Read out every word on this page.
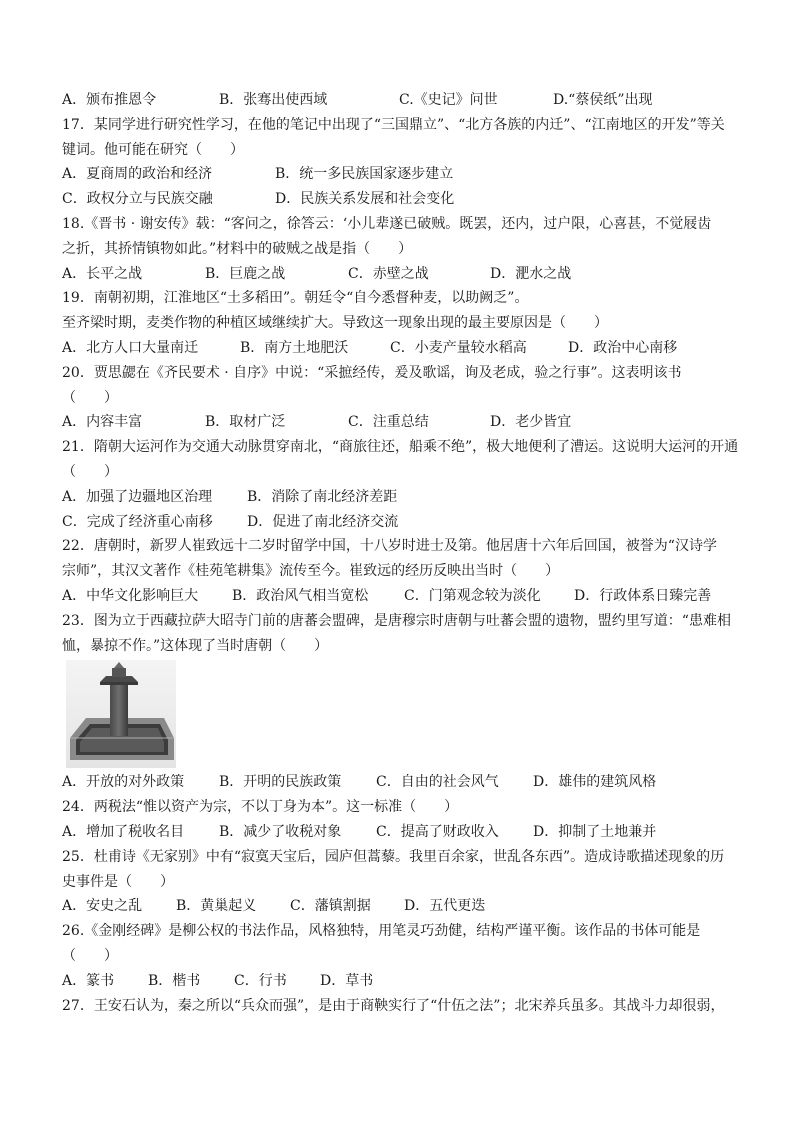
A．颁布推恩令	B．张骞出使西域	C.《史记》问世	D.“蔡侯纸”出现
17．某同学进行研究性学习，在他的笔记中出现了“三国鼎立”、“北方各族的内迁”、“江南地区的开发”等关
键词。他可能在研究（　　）
A．夏商周的政治和经济	B．统一多民族国家逐步建立
C．政权分立与民族交融	D．民族关系发展和社会变化
18.《晋书 · 谢安传》载：“客问之，徐答云：‘小儿辈遂已破贼。既罢，还内，过户限，心喜甚，不觉屐齿
之折，其挢情镇物如此。”材料中的破贼之战是指（　　）
A．长平之战	B．巨鹿之战	C．赤壁之战	D．淝水之战
19．南朝初期，江淮地区“土多稻田”。朝廷令“自今悉督种麦，以助阙乏”。
至齐梁时期，麦类作物的种植区域继续扩大。导致这一现象出现的最主要原因是（　　）
A．北方人口大量南迁	B．南方土地肥沃	C．小麦产量较水稻高	D．政治中心南移
20．贾思勰在《齐民要术 · 自序》中说：“采摭经传，爰及歌谣，询及老成，验之行事”。这表明该书
（　　）
A．内容丰富	B．取材广泛	C．注重总结	D．老少皆宜
21．隋朝大运河作为交通大动脉贯穿南北，“商旅往还，船乘不绝”，极大地便利了漕运。这说明大运河的开通
（　　）
A．加强了边疆地区治理 B．消除了南北经济差距
C．完成了经济重心南移 D．促进了南北经济交流
22．唐朝时，新罗人崔致远十二岁时留学中国，十八岁时进士及第。他居唐十六年后回国，被誉为“汉诗学
宗师”，其汉文著作《桂苑笔耕集》流传至今。崔致远的经历反映出当时（　　）
A．中华文化影响巨大 B．政治风气相当宽松	C．门第观念较为淡化 D．行政体系日臻完善
23．图为立于西藏拉萨大昭寺门前的唐蕃会盟碑，是唐穆宗时唐朝与吐蕃会盟的遗物，盟约里写道：“患难相
恤，暴掠不作。”这体现了当时唐朝（　　）
A．开放的对外政策 B．开明的民族政策 C．自由的社会风气 D．雄伟的建筑风格
24．两税法“惟以资产为宗，不以丁身为本”。这一标准（　　）
A．增加了税收名目 B．减少了收税对象 C．提高了财政收入 D．抑制了土地兼并
25．杜甫诗《无家别》中有“寂寞天宝后，园庐但蒿藜。我里百余家，世乱各东西”。造成诗歌描述现象的历
史事件是（　　）
A．安史之乱 B．黄巢起义 C．藩镇割据 D．五代更迭
26.《金刚经碑》是柳公权的书法作品，风格独特，用笔灵巧劲健，结构严谨平衡。该作品的书体可能是
（　　）
A．篆书 B．楷书 C．行书 D．草书
27．王安石认为，秦之所以“兵众而强”，是由于商鞅实行了“什伍之法”；北宋养兵虽多。其战斗力却很弱，
